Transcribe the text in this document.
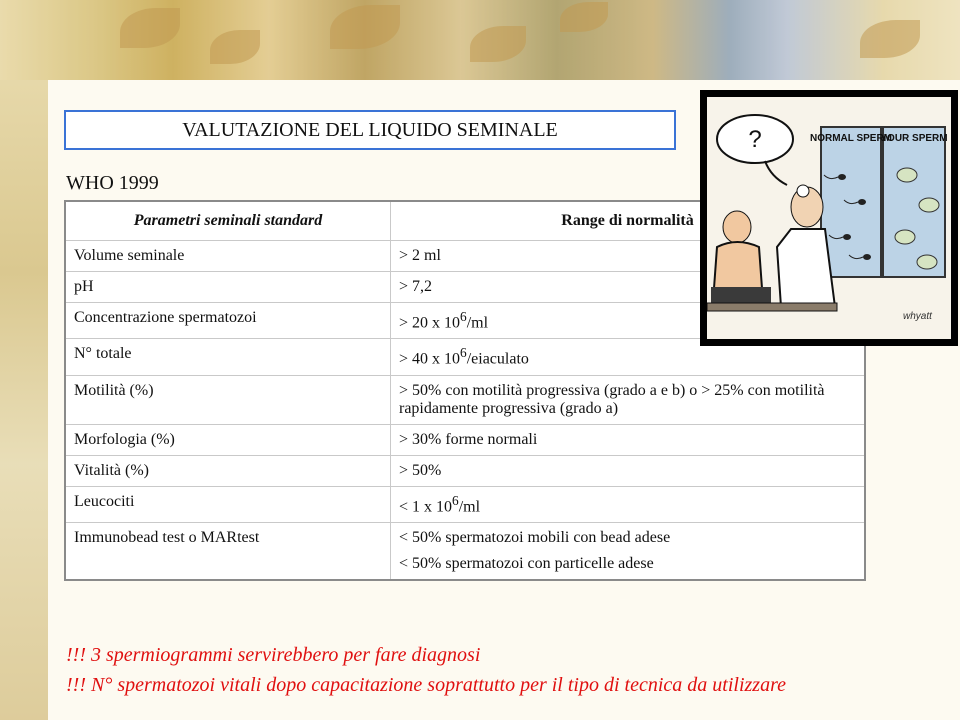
VALUTAZIONE DEL LIQUIDO SEMINALE
WHO 1999
Parametri seminali standard	Range di normalità
Volume seminale	> 2 ml
pH	> 7,2
Concentrazione spermatozoi	> 20 x $10^6/ml$
N° totale	> 40 x $10^6$/eiaculato
Motilità (%)	> 50% con motilità progressiva (grado a e b) o > 25% con motilità rapidamente progressiva (grado a)
Morfologia (%)	> 30% forme normali
Vitalità (%)	> 50%
Leucociti	< 1 x $10^6/ml$
Immunobead test o MARtest	< 50% spermatozoi mobili con bead adese
< 50% spermatozoi con particelle adese
?	NORMAL SPERM
YOUR SPERM
whyatt
!!! 3 spermiogrammi servirebbero per fare diagnosi
!!! N° spermatozoi vitali dopo capacitazione soprattutto per il tipo di tecnica da utilizzare
